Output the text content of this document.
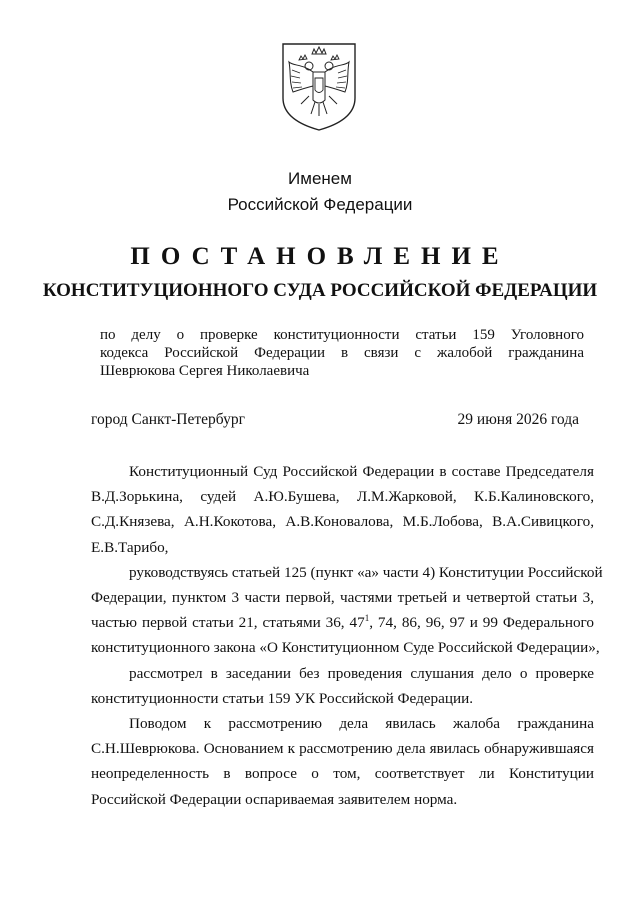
Именем
Российской Федерации
ПОСТАНОВЛЕНИЕ
КОНСТИТУЦИОННОГО СУДА РОССИЙСКОЙ ФЕДЕРАЦИИ
по делу о проверке конституционности статьи 159 Уголовного
кодекса Российской Федерации в связи с жалобой гражданина
Шеврюкова Сергея Николаевича
город Санкт-Петербург	29 июня 2026 года
Конституционный Суд Российской Федерации в составе Председателя
В.Д.Зорькина, судей А.Ю.Бушева, Л.М.Жарковой, К.Б.Калиновского,
С.Д.Князева, А.Н.Кокотова, А.В.Коновалова, М.Б.Лобова, В.А.Сивицкого,
Е.В.Тарибо,
руководствуясь статьей 125 (пункт «а» части 4) Конституции Российской
Федерации, пунктом 3 части первой, частями третьей и четвертой статьи 3,
частью первой статьи 21, статьями 36, $47^1$, 74, 86, 96, 97 и 99 Федерального
конституционного закона «О Конституционном Суде Российской Федерации»,
рассмотрел в заседании без проведения слушания дело о проверке
конституционности статьи 159 УК Российской Федерации.
Поводом к рассмотрению дела явилась жалоба гражданина
С.Н.Шеврюкова. Основанием к рассмотрению дела явилась обнаружившаяся
неопределенность в вопросе о том, соответствует ли Конституции
Российской Федерации оспариваемая заявителем норма.
